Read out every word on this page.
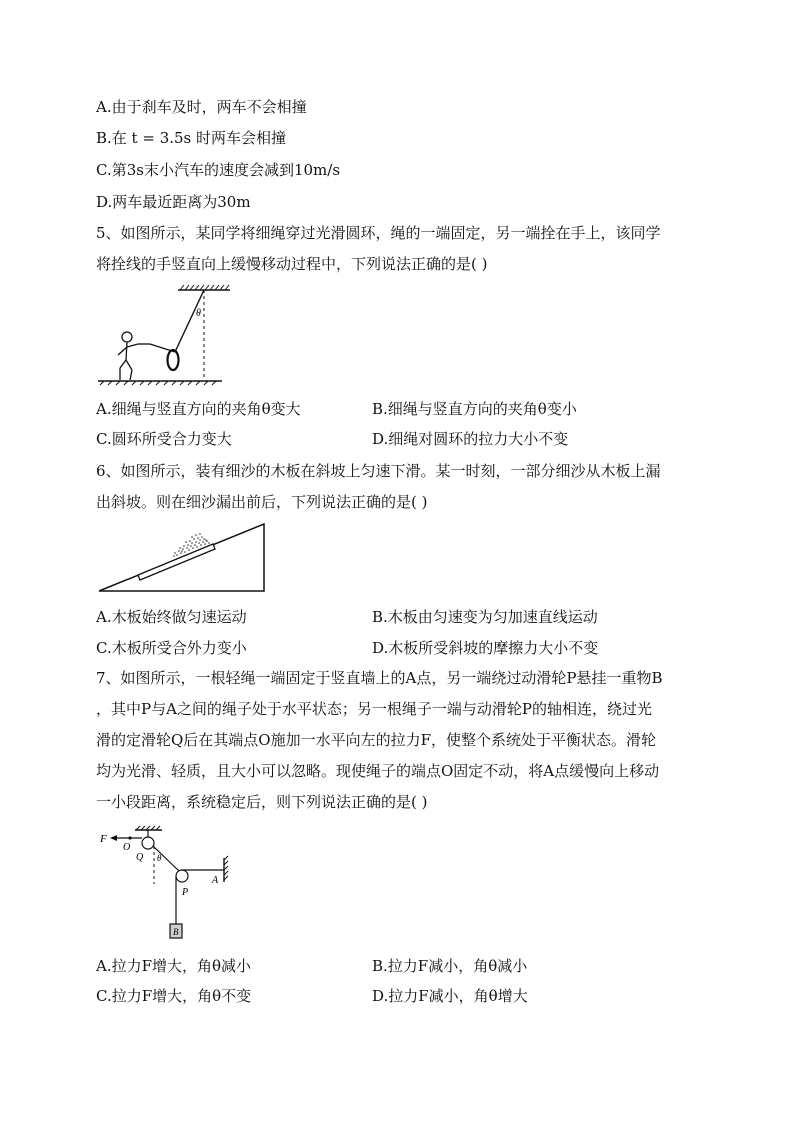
A.由于刹车及时，两车不会相撞
B.在 t = 3.5s 时两车会相撞
C.第3s末小汽车的速度会减到10m/s
D.两车最近距离为30m
5、如图所示，某同学将细绳穿过光滑圆环，绳的一端固定，另一端拴在手上，该同学
将拴线的手竖直向上缓慢移动过程中，下列说法正确的是( )
θ
A.细绳与竖直方向的夹角θ变大	B.细绳与竖直方向的夹角θ变小
C.圆环所受合力变大	D.细绳对圆环的拉力大小不变
6、如图所示，装有细沙的木板在斜坡上匀速下滑。某一时刻，一部分细沙从木板上漏
出斜坡。则在细沙漏出前后，下列说法正确的是( )
A.木板始终做匀速运动	B.木板由匀速变为匀加速直线运动
C.木板所受合外力变小	D.木板所受斜坡的摩擦力大小不变
7、如图所示，一根轻绳一端固定于竖直墙上的A点，另一端绕过动滑轮P悬挂一重物B
，其中P与A之间的绳子处于水平状态；另一根绳子一端与动滑轮P的轴相连，绕过光
滑的定滑轮Q后在其端点O施加一水平向左的拉力F，使整个系统处于平衡状态。滑轮
均为光滑、轻质，且大小可以忽略。现使绳子的端点O固定不动，将A点缓慢向上移动
一小段距离，系统稳定后，则下列说法正确的是( )
F
O
Q θ
P
A
B
A.拉力F增大，角θ减小	B.拉力F减小，角θ减小
C.拉力F增大，角θ不变	D.拉力F减小，角θ增大
